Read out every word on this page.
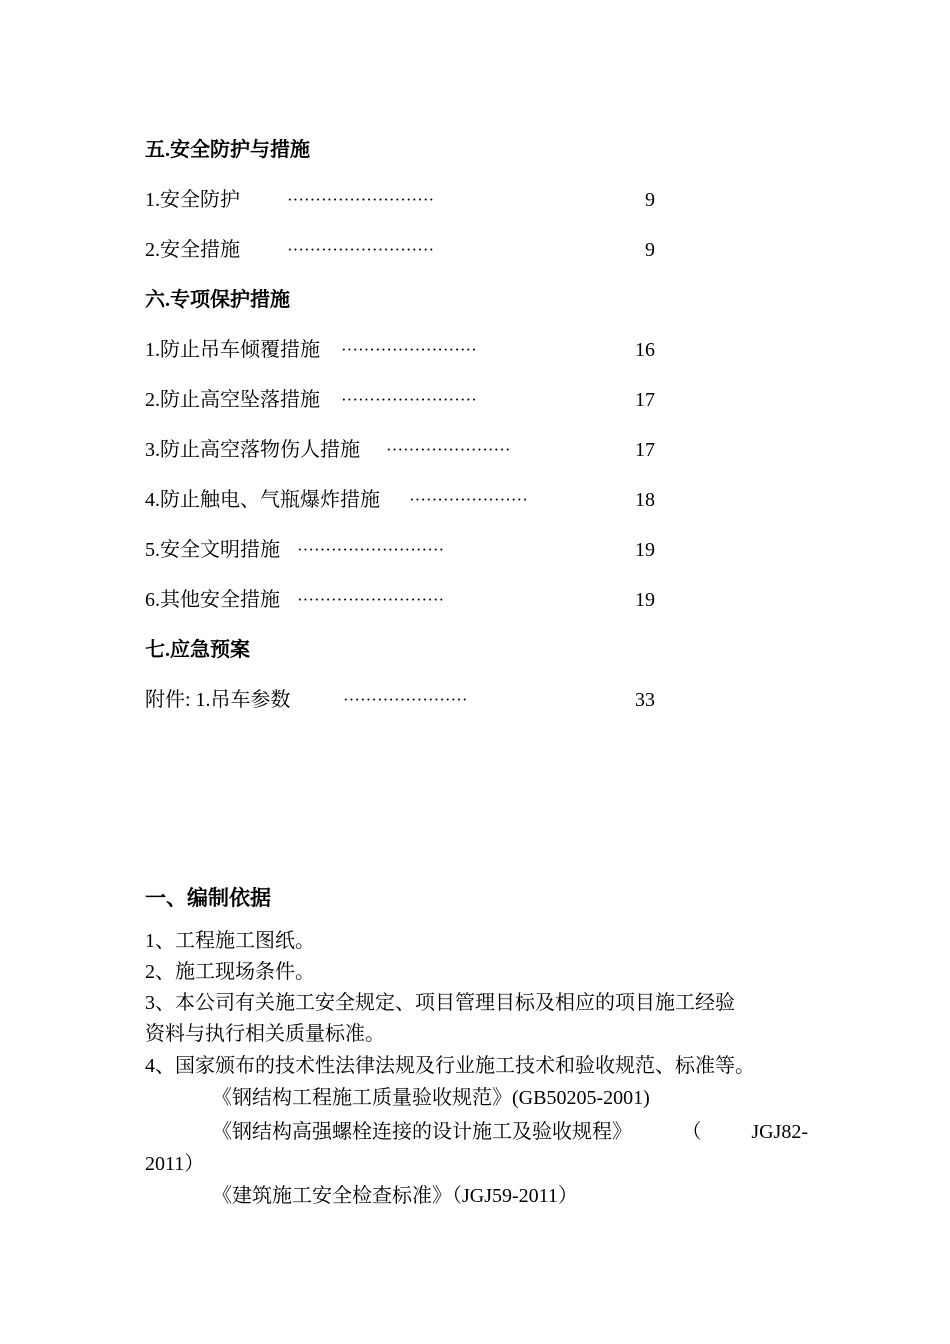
五.安全防护与措施
1.安全防护	··························	9
2.安全措施	··························	9
六.专项保护措施
1.防止吊车倾覆措施 ························	16
2.防止高空坠落措施 ························	17
3.防止高空落物伤人措施 ······················	17
4.防止触电、气瓶爆炸措施 ·····················	18
5.安全文明措施 ··························	19
6.其他安全措施 ··························	19
七.应急预案
附件: 1.吊车参数	······················	33
一、编制依据
1、工程施工图纸。
2、施工现场条件。
3、本公司有关施工安全规定、项目管理目标及相应的项目施工经验
资料与执行相关质量标准。
4、国家颁布的技术性法律法规及行业施工技术和验收规范、标准等。
《钢结构工程施工质量验收规范》(GB50205-2001)
《钢结构高强螺栓连接的设计施工及验收规程》 （ JGJ82-
2011）
《建筑施工安全检查标准》（JGJ59-2011）
